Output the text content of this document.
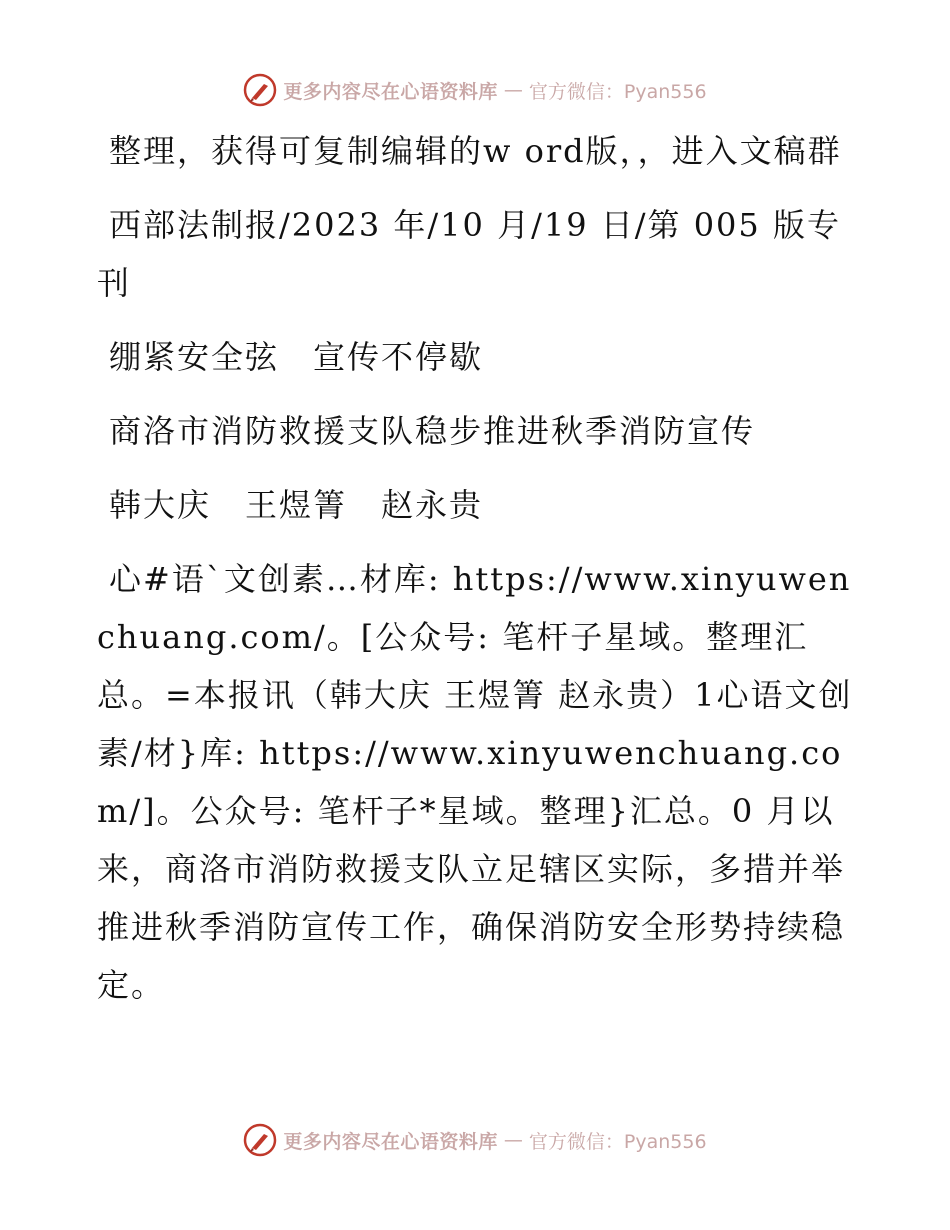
更多内容尽在心语资料库 — 官方微信：Pyan556

整理，获得可复制编辑的w ord版，，进入文稿群

西部法制报/2023 年/10 月/19 日/第 005 版专刊

绷紧安全弦　宣传不停歇

商洛市消防救援支队稳步推进秋季消防宣传

韩大庆　王煜箐　赵永贵

心#语`文创素…材库: https://www.xinyuwenchuang.com/。[公众号: 笔杆子星域。整理汇总。=本报讯（韩大庆 王煜箐 赵永贵）1心语文创素/材}库: https://www.xinyuwenchuang.com/]。公众号: 笔杆子*星域。整理}汇总。0 月以来，商洛市消防救援支队立足辖区实际，多措并举推进秋季消防宣传工作，确保消防安全形势持续稳定。

更多内容尽在心语资料库 — 官方微信：Pyan556
